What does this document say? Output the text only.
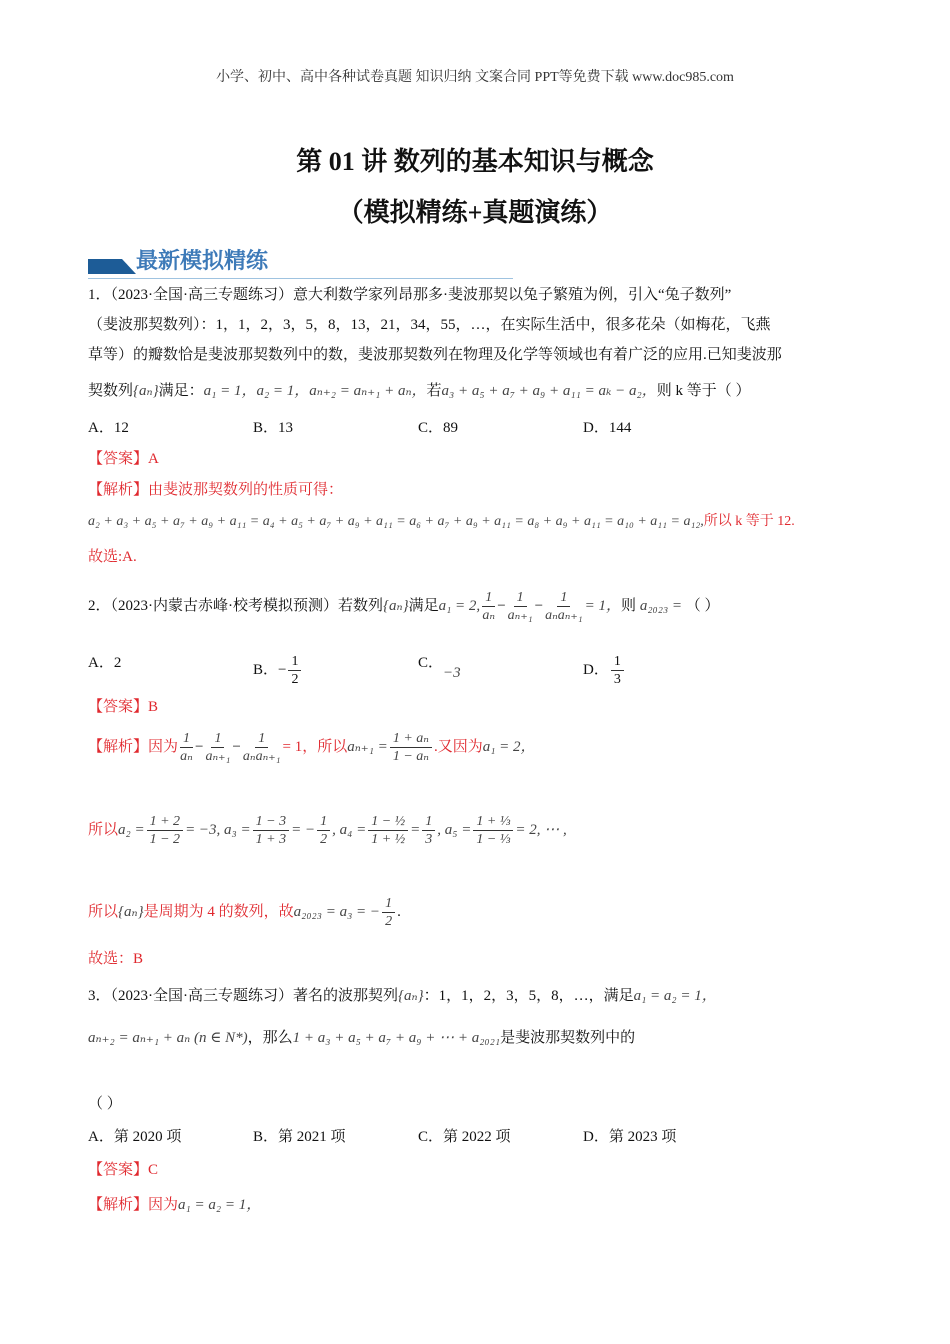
小学、初中、高中各种试卷真题 知识归纳 文案合同 PPT等免费下载 www.doc985.com
第 01 讲 数列的基本知识与概念
（模拟精练+真题演练）
最新模拟精练
1．（2023·全国·高三专题练习）意大利数学家列昂那多·斐波那契以兔子繁殖为例，引入“兔子数列”
（斐波那契数列）：1，1，2，3，5，8，13，21，34，55，…，在实际生活中，很多花朵（如梅花，飞燕
草等）的瓣数恰是斐波那契数列中的数，斐波那契数列在物理及化学等领域也有着广泛的应用.已知斐波那
契数列{aₙ}满足：a₁ = 1，a₂ = 1，aₙ₊₂ = aₙ₊₁ + aₙ，若a₃ + a₅ + a₇ + a₉ + a₁₁ = aₖ − a₂，则 k 等于（ ）
A．12	B．13	C．89	D．144
【答案】A
【解析】由斐波那契数列的性质可得：
a₂ + a₃ + a₅ + a₇ + a₉ + a₁₁ = a₄ + a₅ + a₇ + a₉ + a₁₁ = a₆ + a₇ + a₉ + a₁₁ = a₈ + a₉ + a₁₁ = a₁₀ + a₁₁ = a₁₂,所以 k 等于 12.
故选:A.
2．（2023·内蒙古赤峰·校考模拟预测）若数列{aₙ}满足a₁ = 2, $\frac{1}{\text{aₙ}} - \frac{1}{\text{aₙ₊₁}}$ −
1
aₙaₙ₊₁
= 1，则 a₂₀₂₃ = （ ）
A．2	B．− $\frac{1}{2}$	C．−3	D． $\frac{1}{3}$
【答案】B
【解析】因为 $\frac{1}{\text{aₙ}} - \frac{1}{\text{aₙ₊₁}}$ −
1
aₙaₙ₊₁
= 1，所以$a_{n+1} = \frac{\text{1 + aₙ}}{\text{1 − aₙ}}$ .又因为a₁ = 2，
所以$a_2 = \frac{1 + 2}{1 - 2} = -3$, $a_3 = \frac{1 - 3}{1 + 3}$ = − $\frac{1}{2}$ , $a_4 = \frac{\text{1 − ½}}{\text{1 + ½}} = \frac{1}{3}$ , $a_5 = \frac{\text{1 + ⅓}}{\text{1 − ⅓}} = 2$, ⋯ ,
所以{aₙ}是周期为 4 的数列，故a₂₀₂₃ = a₃ = − $\frac{1}{2}$ .
故选：B
3．（2023·全国·高三专题练习）著名的波那契列{aₙ}：1，1，2，3，5，8，…，满足a₁ = a₂ = 1，
aₙ₊₂ = aₙ₊₁ + aₙ (n ∈ N*)，那么1 + a₃ + a₅ + a₇ + a₉ + ⋯ + a₂₀₂₁是斐波那契数列中的
（ ）
A．第 2020 项	B．第 2021 项	C．第 2022 项	D．第 2023 项
【答案】C
【解析】因为a₁ = a₂ = 1，
